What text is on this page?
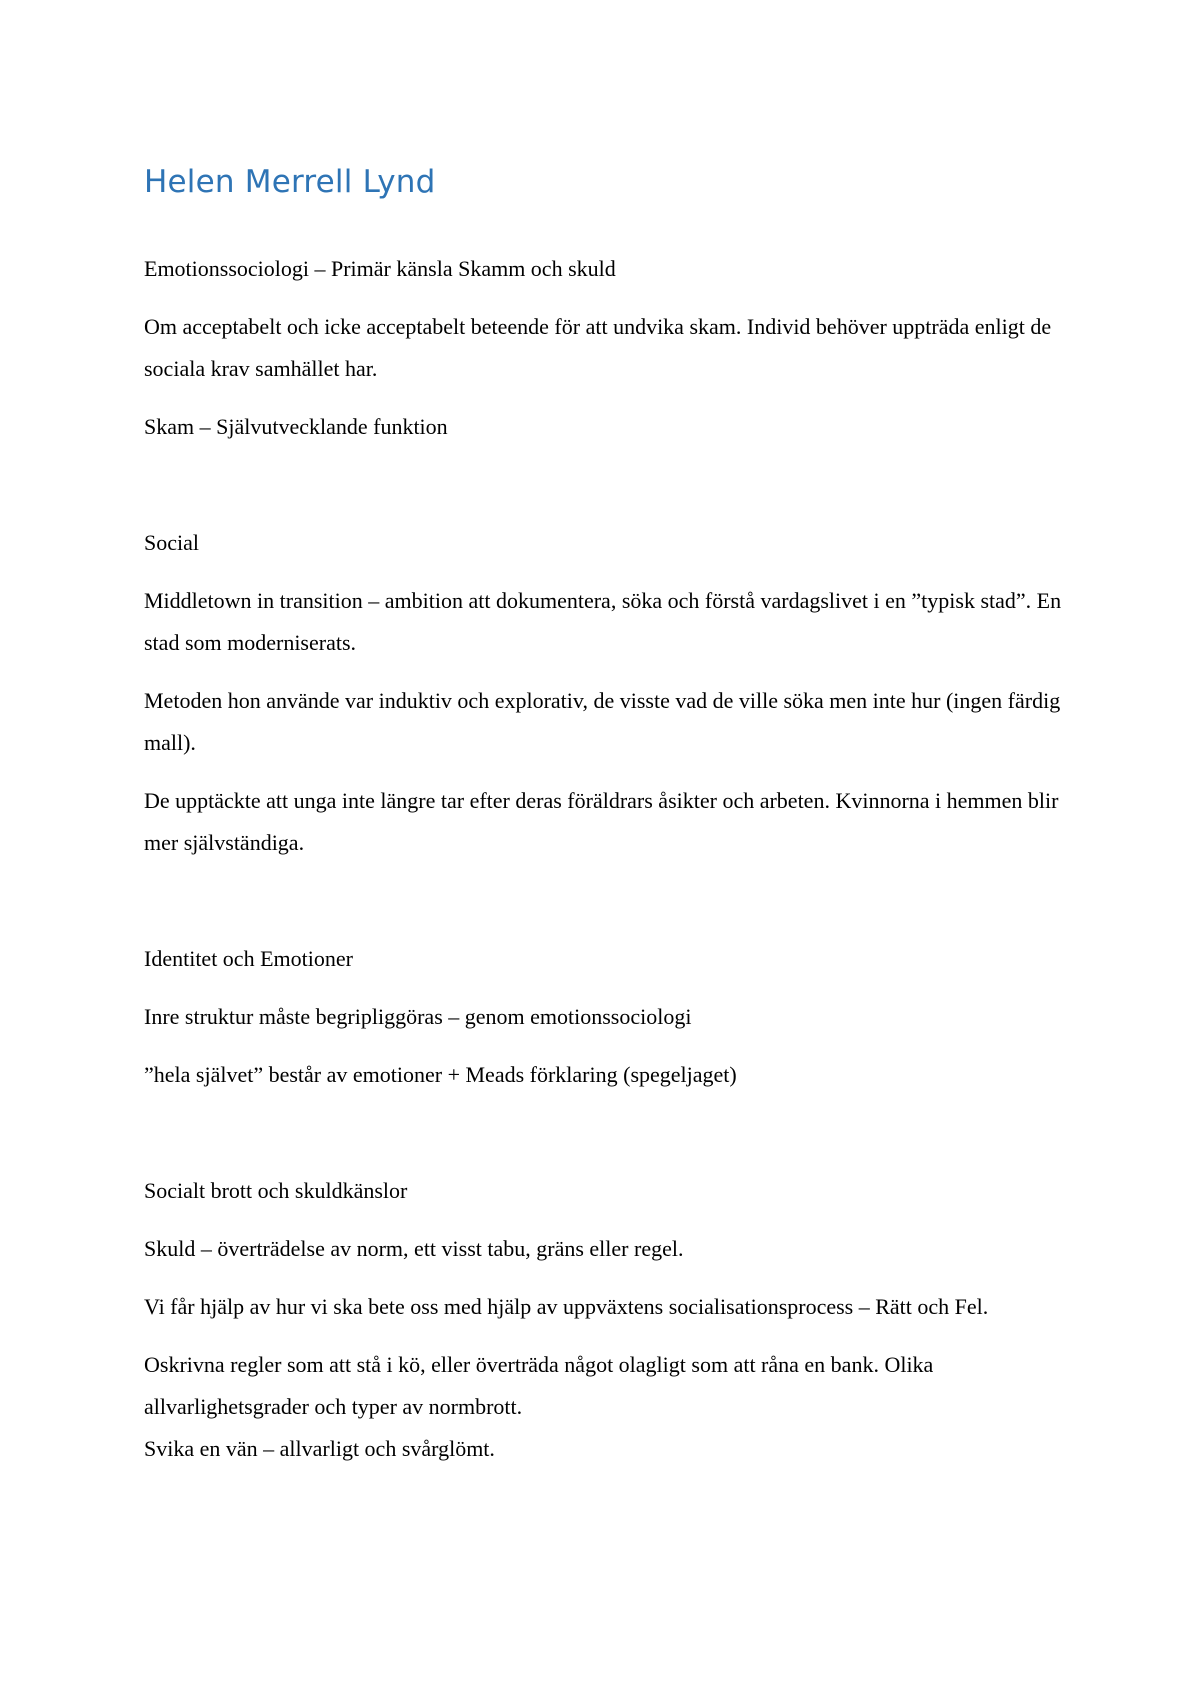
Helen Merrell Lynd

Emotionssociologi – Primär känsla Skamm och skuld

Om acceptabelt och icke acceptabelt beteende för att undvika skam. Individ behöver uppträda enligt de sociala krav samhället har.

Skam – Självutvecklande funktion

Social

Middletown in transition – ambition att dokumentera, söka och förstå vardagslivet i en ”typisk stad”. En stad som moderniserats.

Metoden hon använde var induktiv och explorativ, de visste vad de ville söka men inte hur (ingen färdig mall).

De upptäckte att unga inte längre tar efter deras föräldrars åsikter och arbeten. Kvinnorna i hemmen blir mer självständiga.

Identitet och Emotioner

Inre struktur måste begripliggöras – genom emotionssociologi

”hela självet” består av emotioner + Meads förklaring (spegeljaget)

Socialt brott och skuldkänslor

Skuld – överträdelse av norm, ett visst tabu, gräns eller regel.

Vi får hjälp av hur vi ska bete oss med hjälp av uppväxtens socialisationsprocess – Rätt och Fel.

Oskrivna regler som att stå i kö, eller överträda något olagligt som att råna en bank. Olika allvarlighetsgrader och typer av normbrott.
Svika en vän – allvarligt och svårglömt.
